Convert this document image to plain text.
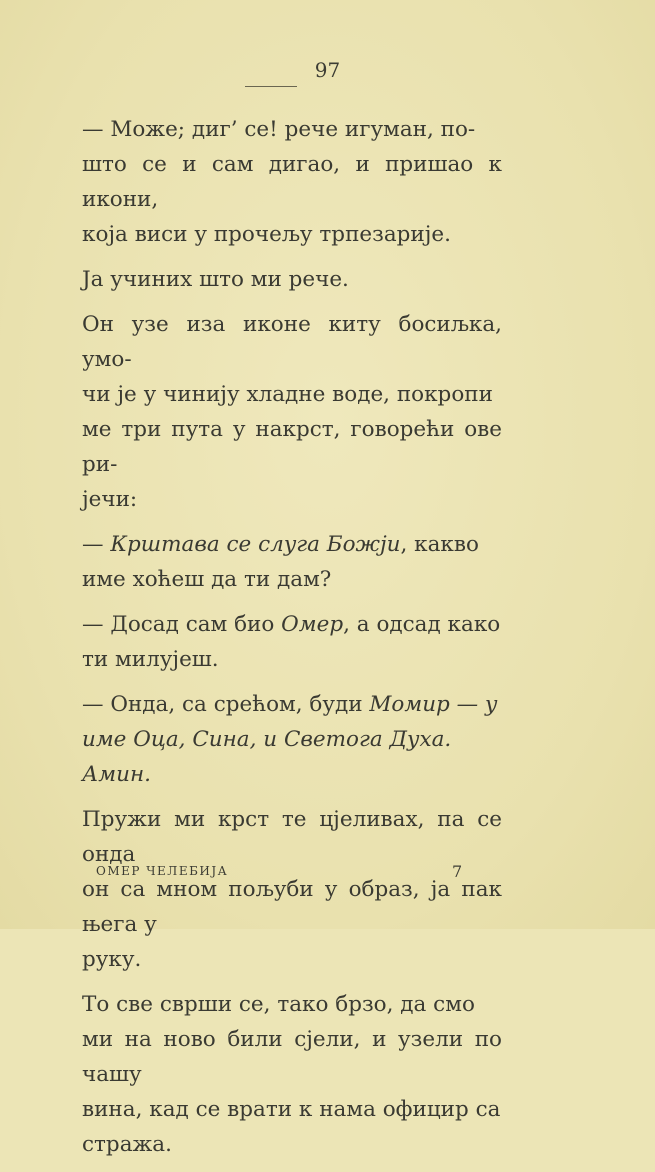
97

— Може; диг’ се! рече игуман, по-
што се и сам дигао, и пришао к икони,
која виси у прочељу трпезарије.

Ја учиних што ми рече.

Он узе иза иконе киту босиљка, умо-
чи је у чинију хладне воде, покропи
ме три пута у накрст, говорећи ове ри-
јечи:

— Крштава се слуга Божји, какво
име хоћеш да ти дам?

— Досад сам био Омер, а одсад како
ти милујеш.

— Онда, са срећом, буди Момир — у
име Оца, Сина, и Светога Духа.
Амин.

Пружи ми крст те цјеливах, па се онда
он са мном пољуби у образ, ја пак њега у
руку.

То све сврши се, тако брзо, да смо
ми на ново били сјели, и узели по чашу
вина, кад се врати к нама официр са
стража.

ОМЕР ЧЕЛЕБИЈА	7
